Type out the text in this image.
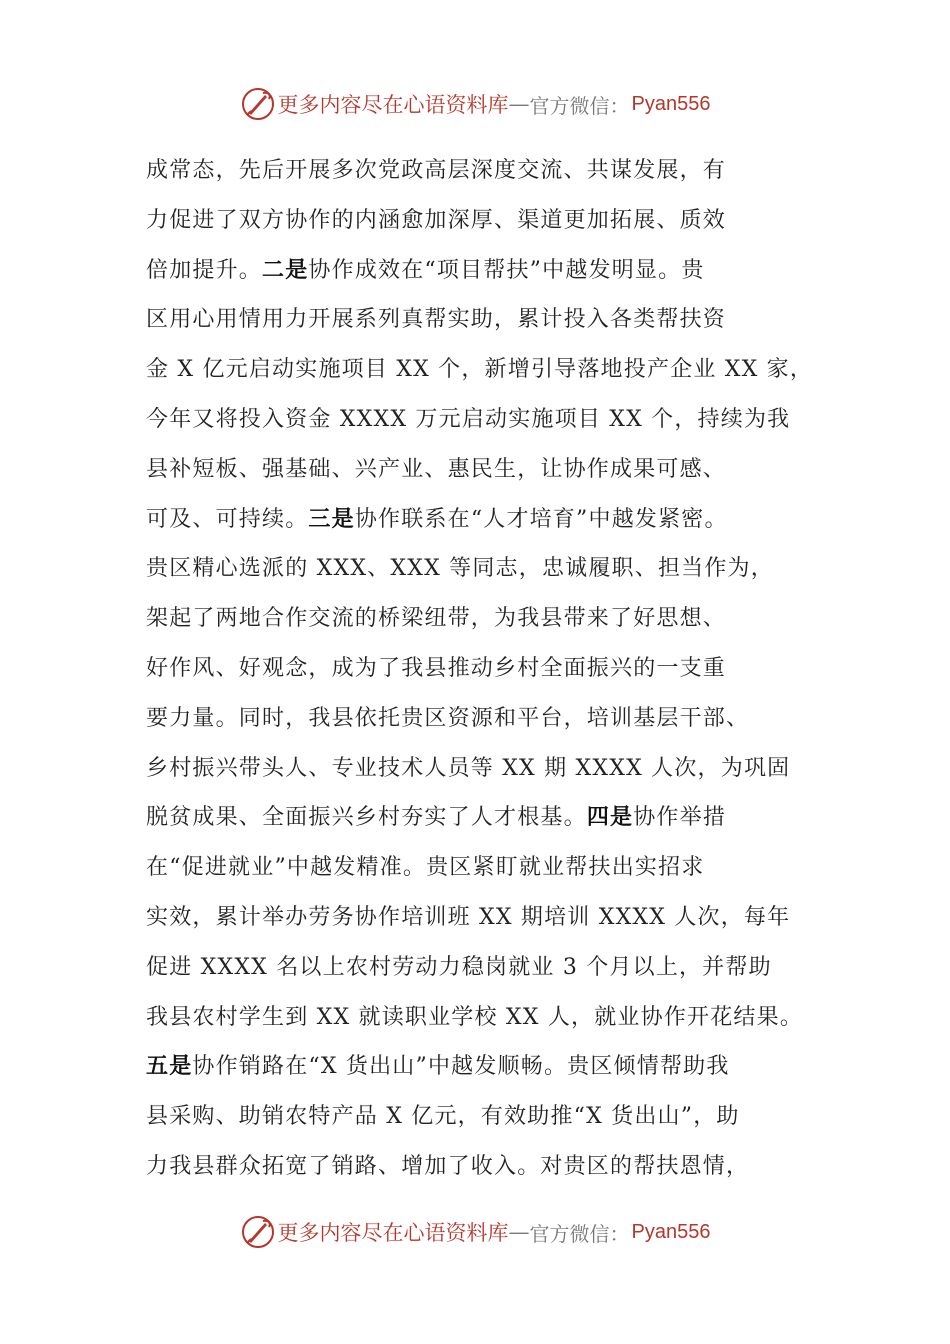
更多内容尽在心语资料库 — 官方微信： Pyan556
成常态，先后开展多次党政高层深度交流、共谋发展，有
力促进了双方协作的内涵愈加深厚、渠道更加拓展、质效
倍加提升。二是协作成效在“项目帮扶”中越发明显。贵
区用心用情用力开展系列真帮实助，累计投入各类帮扶资
金 X 亿元启动实施项目 XX 个，新增引导落地投产企业 XX 家，
今年又将投入资金 XXXX 万元启动实施项目 XX 个，持续为我
县补短板、强基础、兴产业、惠民生，让协作成果可感、
可及、可持续。三是协作联系在“人才培育”中越发紧密。
贵区精心选派的 XXX、XXX 等同志，忠诚履职、担当作为，
架起了两地合作交流的桥梁纽带，为我县带来了好思想、
好作风、好观念，成为了我县推动乡村全面振兴的一支重
要力量。同时，我县依托贵区资源和平台，培训基层干部、
乡村振兴带头人、专业技术人员等 XX 期 XXXX 人次，为巩固
脱贫成果、全面振兴乡村夯实了人才根基。四是协作举措
在“促进就业”中越发精准。贵区紧盯就业帮扶出实招求
实效，累计举办劳务协作培训班 XX 期培训 XXXX 人次，每年
促进 XXXX 名以上农村劳动力稳岗就业 3 个月以上，并帮助
我县农村学生到 XX 就读职业学校 XX 人，就业协作开花结果。
五是协作销路在“X 货出山”中越发顺畅。贵区倾情帮助我
县采购、助销农特产品 X 亿元，有效助推“X 货出山”，助
力我县群众拓宽了销路、增加了收入。对贵区的帮扶恩情，
更多内容尽在心语资料库 — 官方微信： Pyan556
